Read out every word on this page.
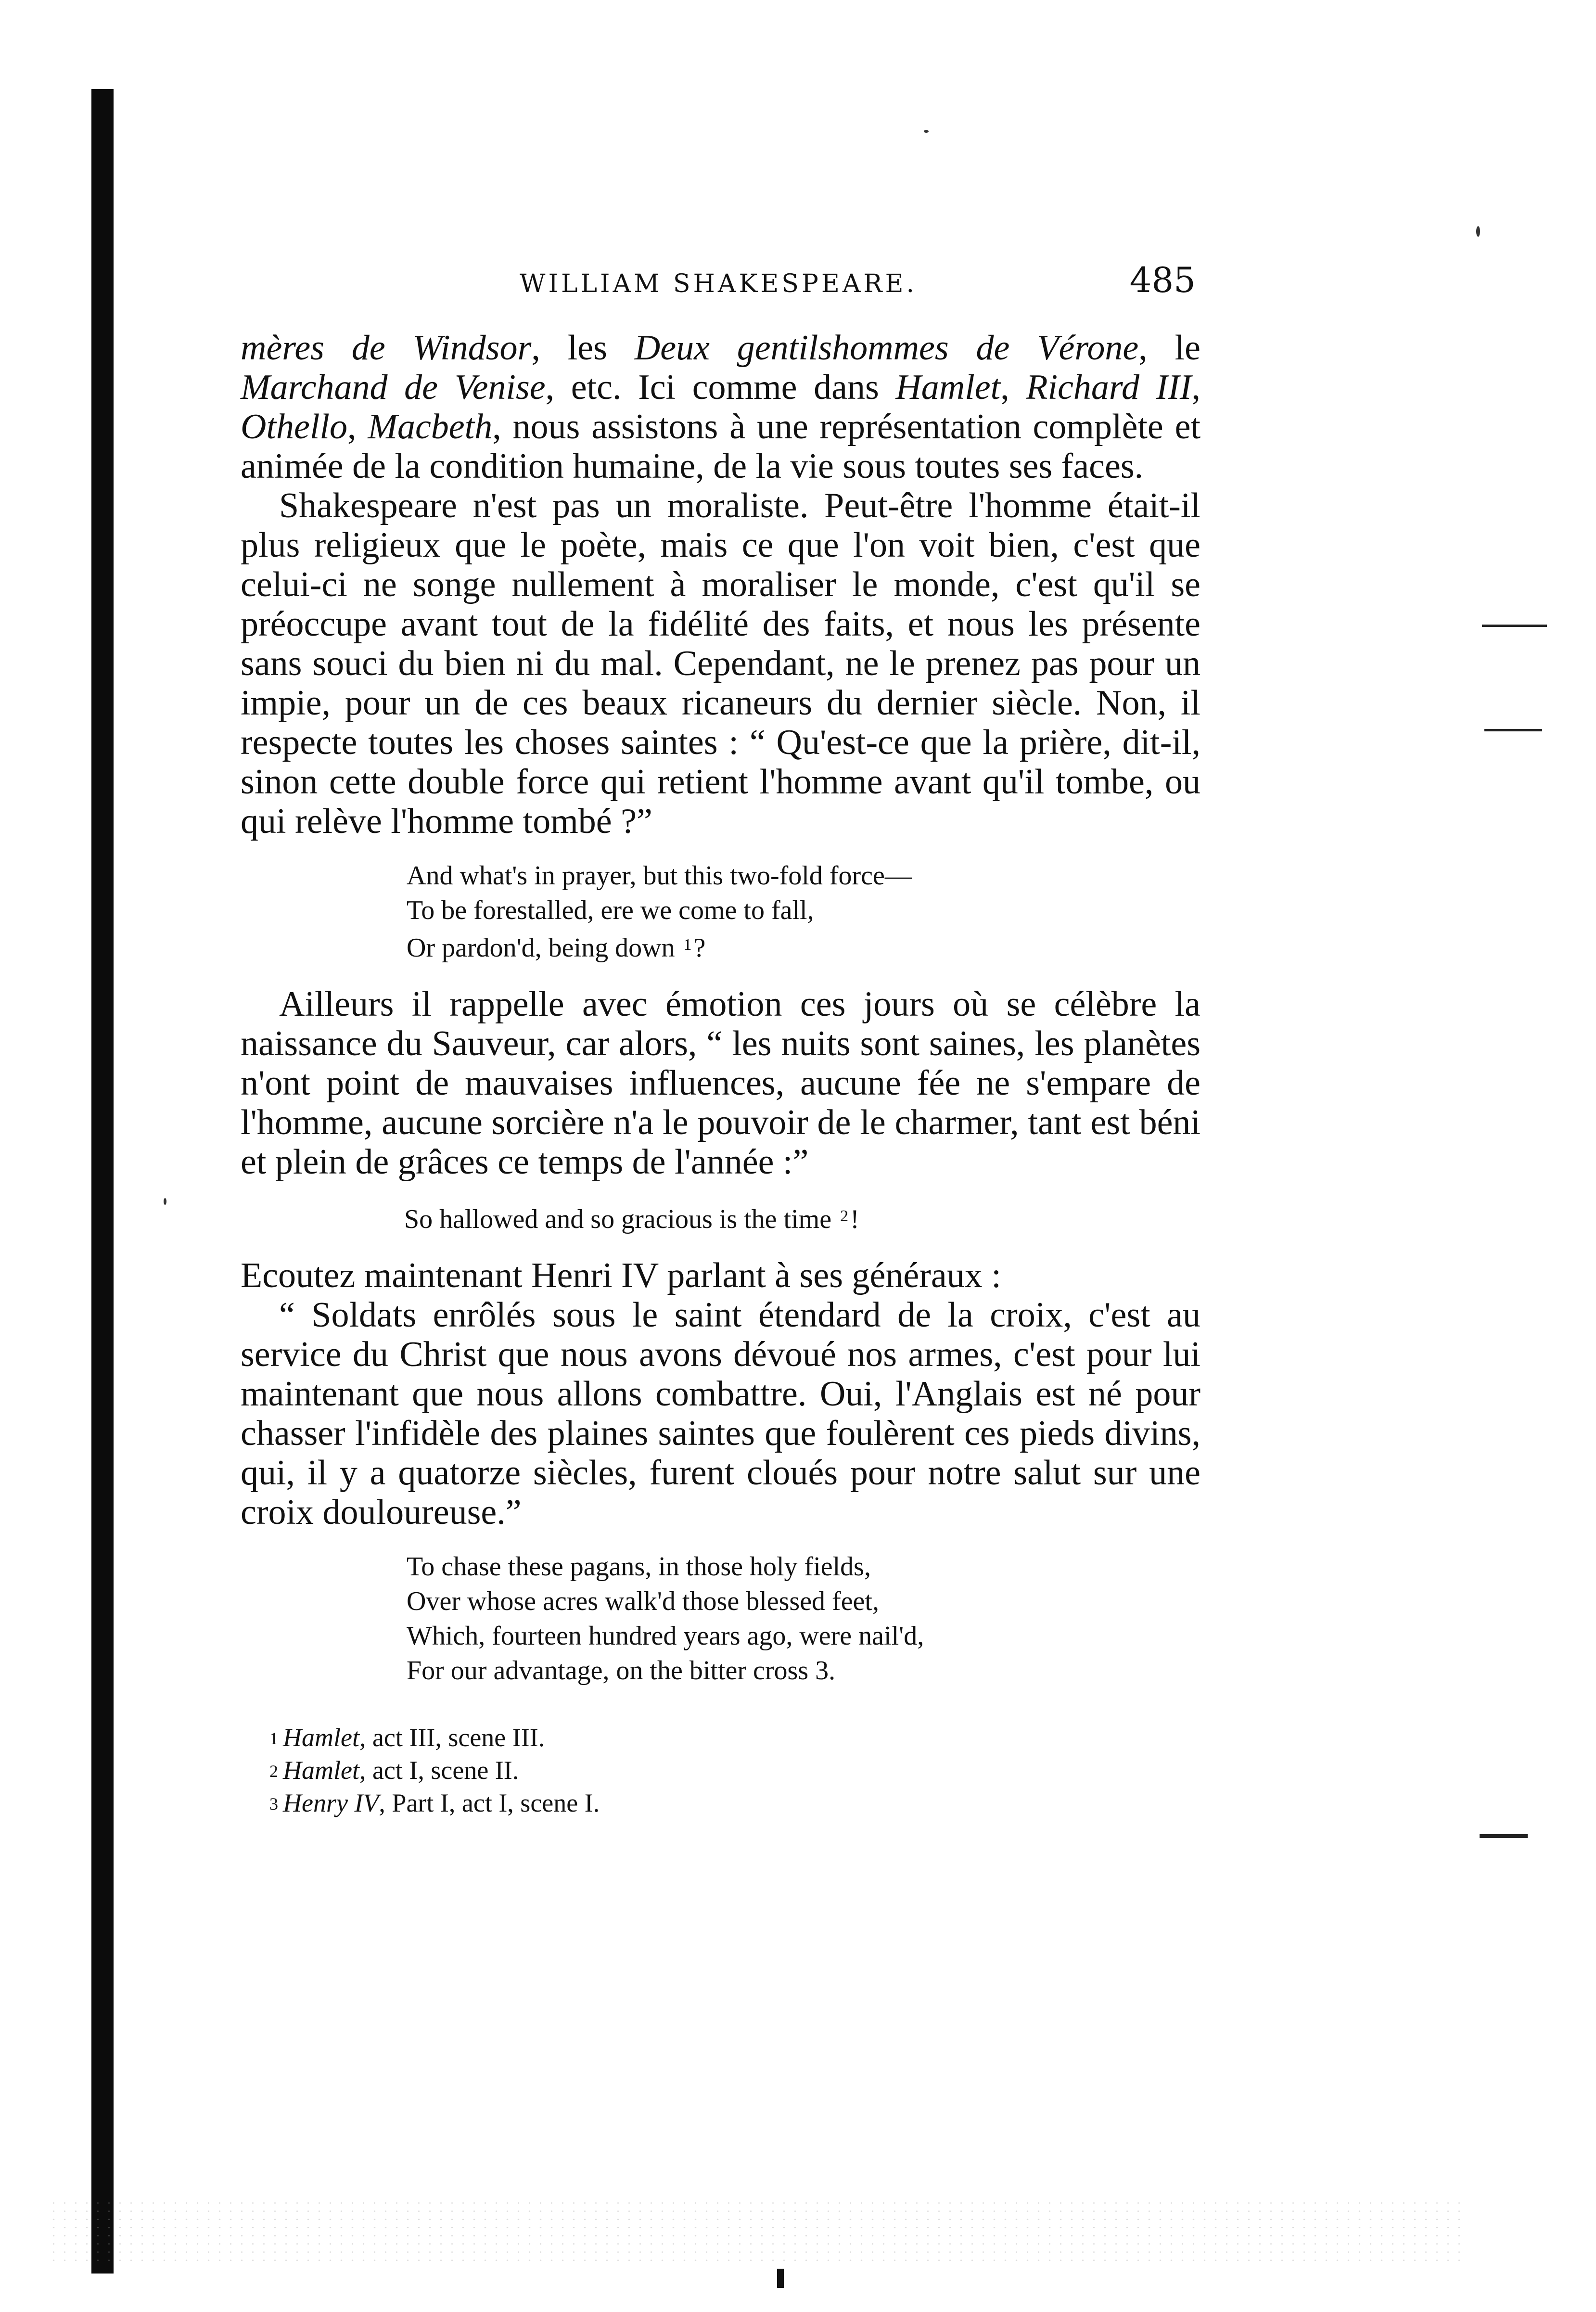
WILLIAM SHAKESPEARE.	485

mères de Windsor, les Deux gentilshommes de Vérone, le Marchand de Venise, etc. Ici comme dans Hamlet, Richard III, Othello, Macbeth, nous assistons à une représentation complète et animée de la condition humaine, de la vie sous toutes ses faces.

Shakespeare n'est pas un moraliste. Peut-être l'homme était-il plus religieux que le poète, mais ce que l'on voit bien, c'est que celui-ci ne songe nullement à moraliser le monde, c'est qu'il se préoccupe avant tout de la fidélité des faits, et nous les présente sans souci du bien ni du mal. Cependant, ne le prenez pas pour un impie, pour un de ces beaux ricaneurs du dernier siècle. Non, il respecte toutes les choses saintes : “ Qu'est-ce que la prière, dit-il, sinon cette double force qui retient l'homme avant qu'il tombe, ou qui relève l'homme tombé ?”

And what's in prayer, but this two-fold force—
To be forestalled, ere we come to fall,
Or pardon'd, being down $^1$?

Ailleurs il rappelle avec émotion ces jours où se célèbre la naissance du Sauveur, car alors, “ les nuits sont saines, les planètes n'ont point de mauvaises influences, aucune fée ne s'empare de l'homme, aucune sorcière n'a le pouvoir de le charmer, tant est béni et plein de grâces ce temps de l'année :”

So hallowed and so gracious is the time $^2$!

Ecoutez maintenant Henri IV parlant à ses généraux :

“ Soldats enrôlés sous le saint étendard de la croix, c'est au service du Christ que nous avons dévoué nos armes, c'est pour lui maintenant que nous allons combattre. Oui, l'Anglais est né pour chasser l'infidèle des plaines saintes que foulèrent ces pieds divins, qui, il y a quatorze siècles, furent cloués pour notre salut sur une croix douloureuse.”

To chase these pagans, in those holy fields,
Over whose acres walk'd those blessed feet,
Which, fourteen hundred years ago, were nail'd,
For our advantage, on the bitter cross 3.
1 Hamlet, act III, scene III.
2 Hamlet, act I, scene II.
3 Henry IV, Part I, act I, scene I.
